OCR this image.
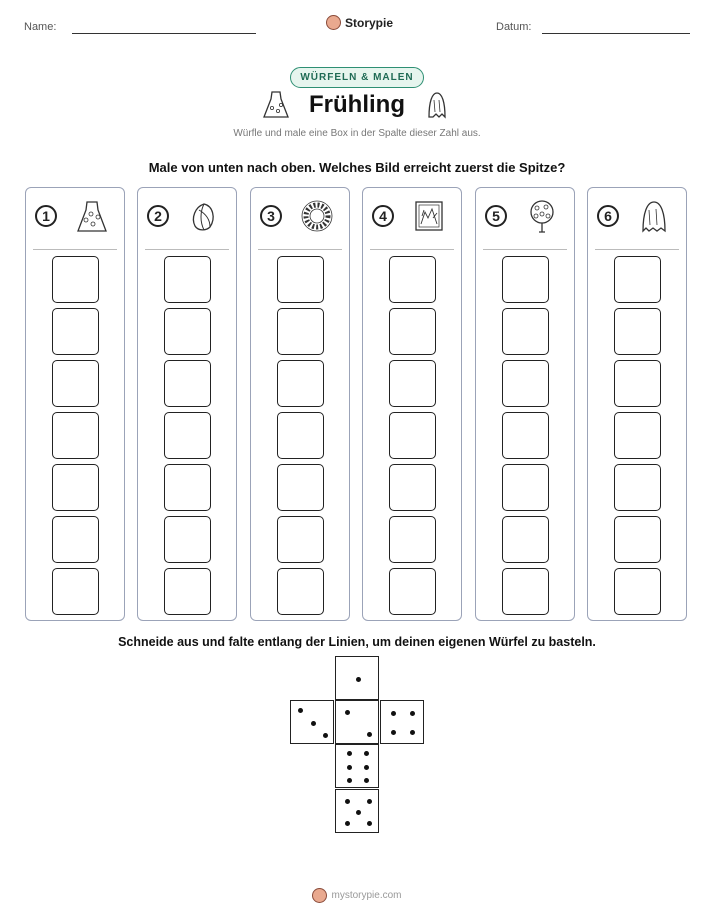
Name:	Storypie	Datum:
WÜRFELN & MALEN
Frühling
Würfle und male eine Box in der Spalte dieser Zahl aus.
Male von unten nach oben. Welches Bild erreicht zuerst die Spitze?
1	2	3	4	5	6
Schneide aus und falte entlang der Linien, um deinen eigenen Würfel zu basteln.
mystorypie.com
